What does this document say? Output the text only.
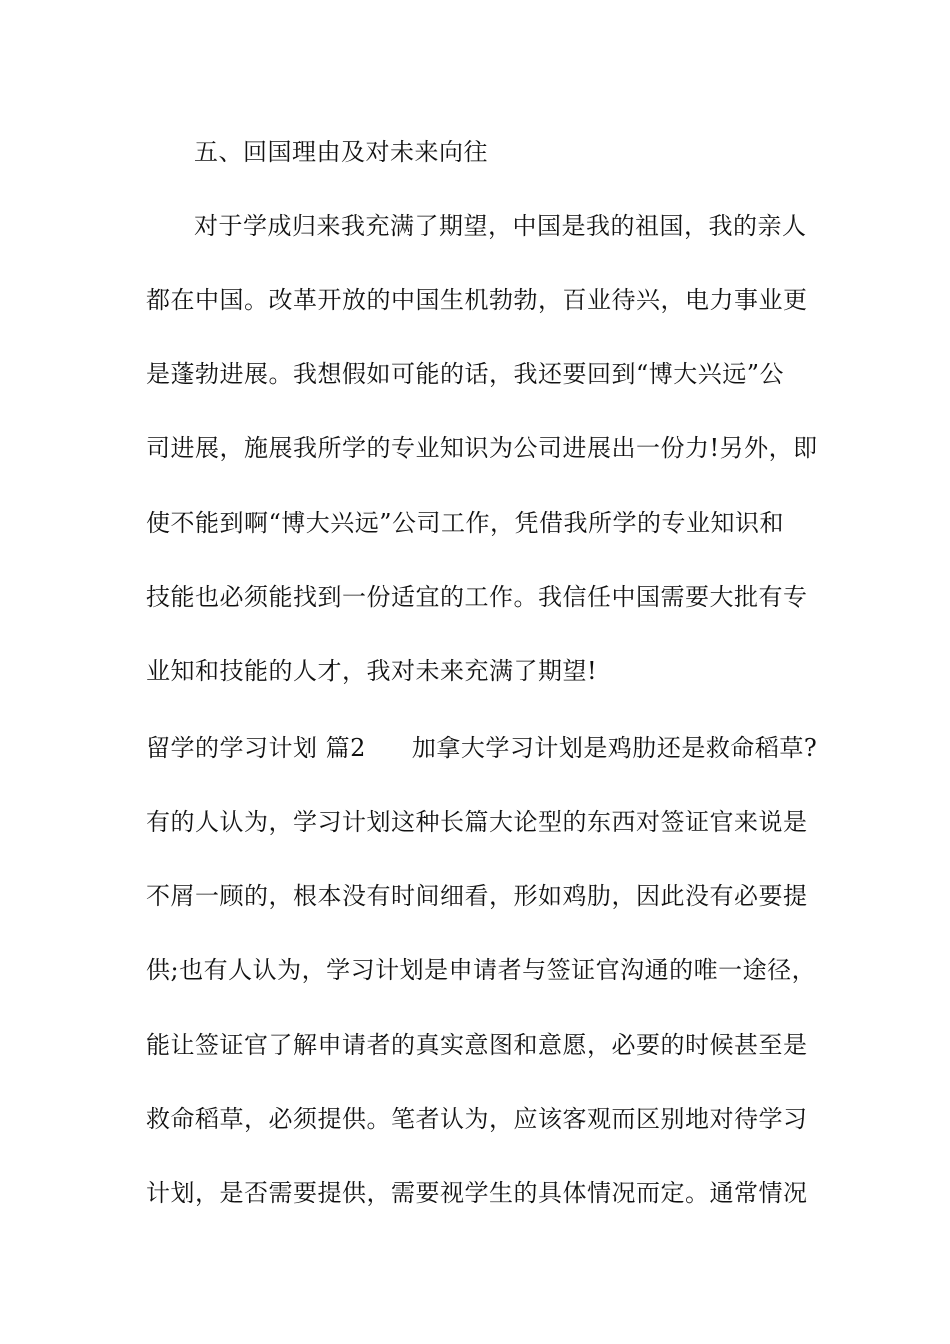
五、回国理由及对未来向往
对于学成归来我充满了期望，中国是我的祖国，我的亲人
都在中国。改革开放的中国生机勃勃，百业待兴，电力事业更
是蓬勃进展。我想假如可能的话，我还要回到“博大兴远”公
司进展，施展我所学的专业知识为公司进展出一份力!另外，即
使不能到啊“博大兴远”公司工作，凭借我所学的专业知识和
技能也必须能找到一份适宜的工作。我信任中国需要大批有专
业知和技能的人才，我对未来充满了期望!
留学的学习计划 篇2 加拿大学习计划是鸡肋还是救命稻草?
有的人认为，学习计划这种长篇大论型的东西对签证官来说是
不屑一顾的，根本没有时间细看，形如鸡肋，因此没有必要提
供;也有人认为，学习计划是申请者与签证官沟通的唯一途径，
能让签证官了解申请者的真实意图和意愿，必要的时候甚至是
救命稻草，必须提供。笔者认为，应该客观而区别地对待学习
计划，是否需要提供，需要视学生的具体情况而定。通常情况
